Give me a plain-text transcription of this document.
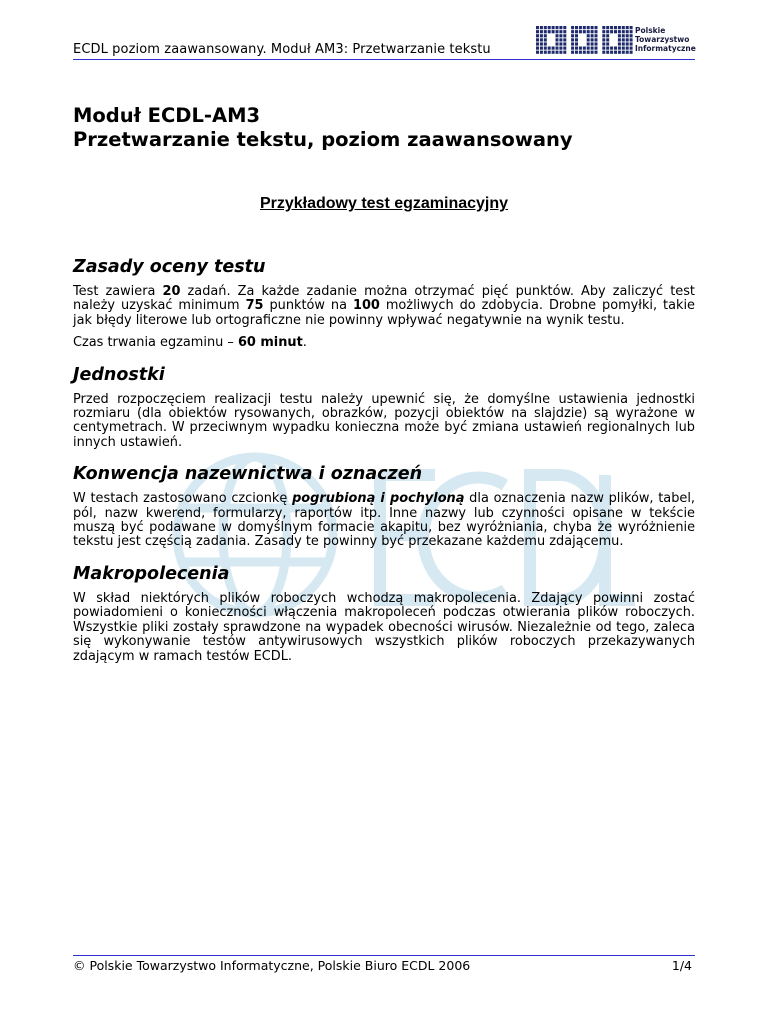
ECDL poziom zaawansowany. Moduł AM3: Przetwarzanie tekstu
Polskie
Towarzystwo
Informatyczne
Moduł ECDL-AM3
Przetwarzanie tekstu, poziom zaawansowany
Przykładowy test egzaminacyjny
Zasady oceny testu

Test zawiera 20 zadań. Za każde zadanie można otrzymać pięć punktów. Aby zaliczyć test należy uzyskać minimum 75 punktów na 100 możliwych do zdobycia. Drobne pomyłki, takie jak błędy literowe lub ortograficzne nie powinny wpływać negatywnie na wynik testu.

Czas trwania egzaminu – 60 minut.

Jednostki

Przed rozpoczęciem realizacji testu należy upewnić się, że domyślne ustawienia jednostki rozmiaru (dla obiektów rysowanych, obrazków, pozycji obiektów na slajdzie) są wyrażone w centymetrach. W przeciwnym wypadku konieczna może być zmiana ustawień regionalnych lub innych ustawień.

Konwencja nazewnictwa i oznaczeń

W testach zastosowano czcionkę pogrubioną i pochyloną dla oznaczenia nazw plików, tabel, pól, nazw kwerend, formularzy, raportów itp. Inne nazwy lub czynności opisane w tekście muszą być podawane w domyślnym formacie akapitu, bez wyróżniania, chyba że wyróżnienie tekstu jest częścią zadania. Zasady te powinny być przekazane każdemu zdającemu.

Makropolecenia

W skład niektórych plików roboczych wchodzą makropolecenia. Zdający powinni zostać powiadomieni o konieczności włączenia makropoleceń podczas otwierania plików roboczych. Wszystkie pliki zostały sprawdzone na wypadek obecności wirusów. Niezależnie od tego, zaleca się wykonywanie testów antywirusowych wszystkich plików roboczych przekazywanych zdającym w ramach testów ECDL.

© Polskie Towarzystwo Informatyczne, Polskie Biuro ECDL 2006	1/4
